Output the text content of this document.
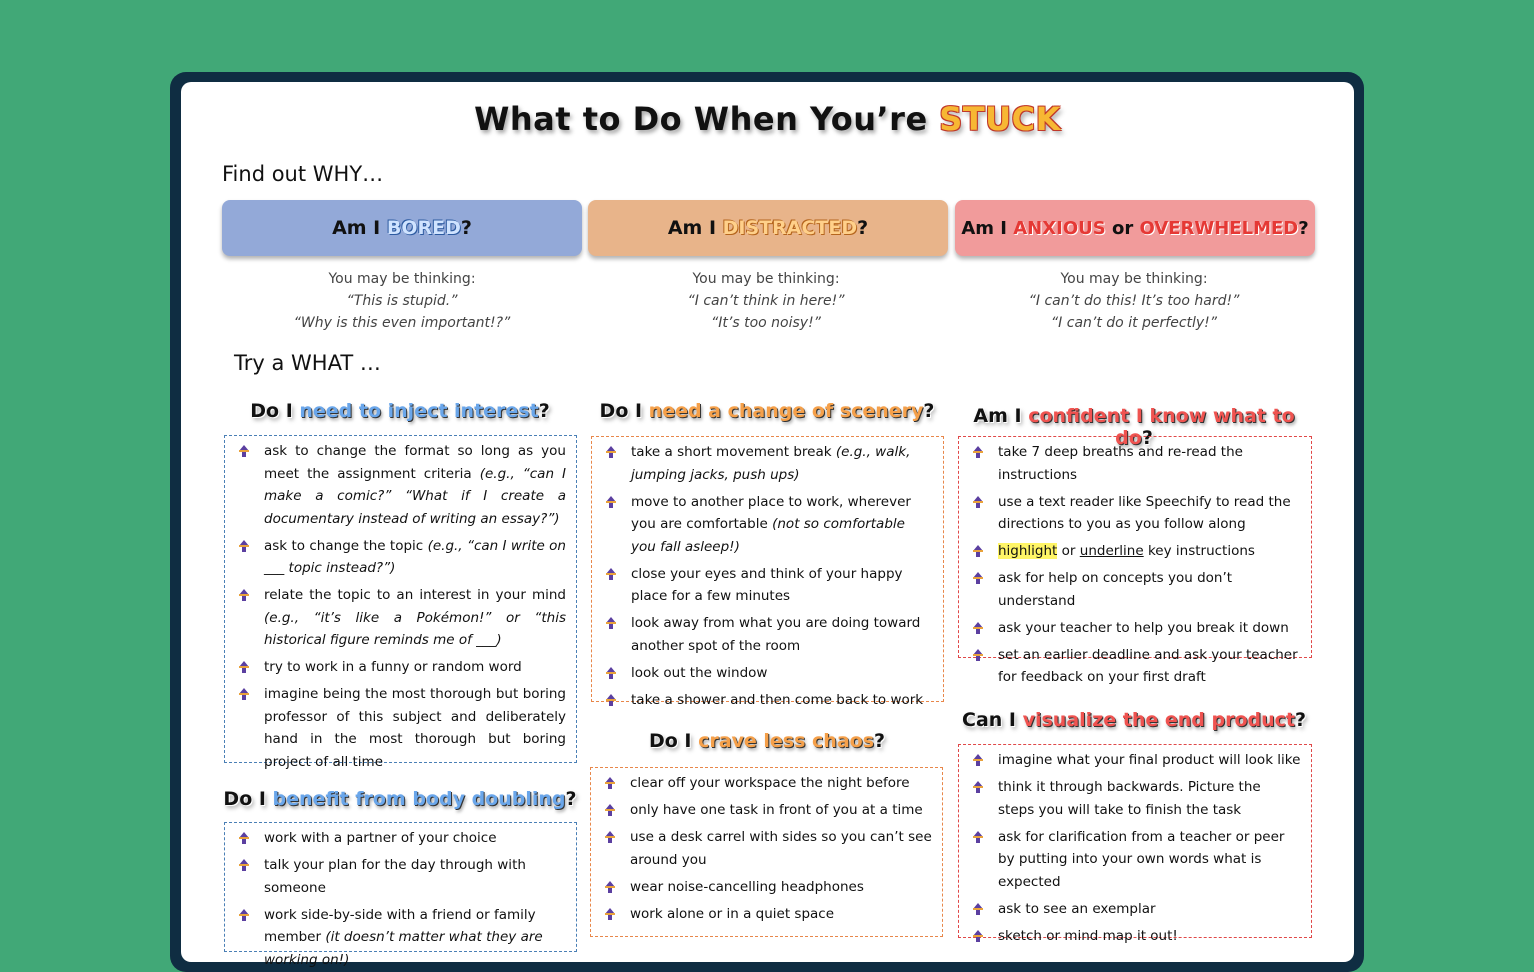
What to Do When You’re STUCK
Find out WHY…
Am I
BORED ?	Am I
DISTRACTED ?	Am I
ANXIOUS or OVERWHELMED ?
You may be thinking:
“This is stupid.”
“Why is this even important!?”
You may be thinking:
“I can’t think in here!”
“It’s too noisy!”
You may be thinking:
“I can’t do this! It’s too hard!”
“I can’t do it perfectly!”
Try a WHAT …
Do I need to inject interest?
Do I benefit from body doubling?
Do I need a change of scenery?
Do I crave less chaos?
Am I confident I know what to do?
Can I visualize the end product?
ask to change the format so long as you meet the assignment criteria (e.g., “can I make a comic?” “What if I create a documentary instead of writing an essay?”)
ask to change the topic (e.g., “can I write on ___ topic instead?”)
relate the topic to an interest in your mind (e.g., “it’s like a Pokémon!” or “this historical figure reminds me of ___)
try to work in a funny or random word
imagine being the most thorough but boring professor of this subject and deliberately hand in the most thorough but boring project of all time
work with a partner of your choice
talk your plan for the day through with someone
work side-by-side with a friend or family member (it doesn’t matter what they are working on!)
take a short movement break (e.g., walk, jumping jacks, push ups)
move to another place to work, wherever you are comfortable (not so comfortable you fall asleep!)
close your eyes and think of your happy place for a few minutes
look away from what you are doing toward another spot of the room
look out the window
take a shower and then come back to work
clear off your workspace the night before
only have one task in front of you at a time
use a desk carrel with sides so you can’t see around you
wear noise-cancelling headphones
work alone or in a quiet space
take 7 deep breaths and re-read the instructions
use a text reader like Speechify to read the directions to you as you follow along
highlight or underline key instructions
ask for help on concepts you don’t understand
ask your teacher to help you break it down
set an earlier deadline and ask your teacher for feedback on your first draft
imagine what your final product will look like
think it through backwards. Picture the steps you will take to finish the task
ask for clarification from a teacher or peer by putting into your own words what is expected
ask to see an exemplar
sketch or mind map it out!
